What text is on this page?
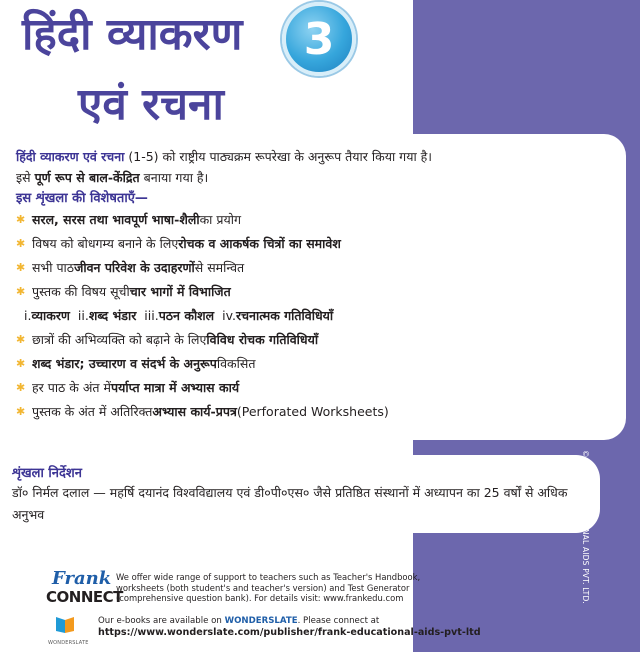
हिंदी व्याकरण
एवं रचना
3
हिंदी व्याकरण एवं रचना (1-5) को राष्ट्रीय पाठ्यक्रम रूपरेखा के अनुरूप तैयार किया गया है।
इसे पूर्ण रूप से बाल-केंद्रित बनाया गया है।
इस शृंखला की विशेषताएँ—
✱ सरल, सरस तथा भावपूर्ण भाषा-शैली का प्रयोग
✱ विषय को बोधगम्य बनाने के लिए रोचक व आकर्षक चित्रों का समावेश
✱ सभी पाठ जीवन परिवेश के उदाहरणों से समन्वित
✱ पुस्तक की विषय सूची चार भागों में विभाजित
i. व्याकरण
ii. शब्द भंडार
iii. पठन कौशल
iv. रचनात्मक गतिविधियाँ
✱ छात्रों की अभिव्यक्ति को बढ़ाने के लिए विविध रोचक गतिविधियाँ
✱ शब्द भंडार; उच्चारण व संदर्भ के अनुरूप विकसित
✱ हर पाठ के अंत में पर्याप्त मात्रा में अभ्यास कार्य
✱ पुस्तक के अंत में अतिरिक्त अभ्यास कार्य-प्रपत्र (Perforated Worksheets)
शृंखला निर्देशन
डॉ० निर्मल दलाल — महर्षि दयानंद विश्वविद्यालय एवं डी०पी०एस० जैसे प्रतिष्ठित संस्थानों में अध्यापन का 25 वर्षों से अधिक अनुभव	© FRANK EDUCATIONAL AIDS PVT. LTD.
Frank
CONNECT
We offer wide range of support to teachers such as Teacher's Handbook, worksheets (both student's and teacher's version) and Test Generator (comprehensive question bank). For details visit: www.frankedu.com
WONDERSLATE
Our e-books are available on WONDERSLATE. Please connect at
https://www.wonderslate.com/publisher/frank-educational-aids-pvt-ltd
